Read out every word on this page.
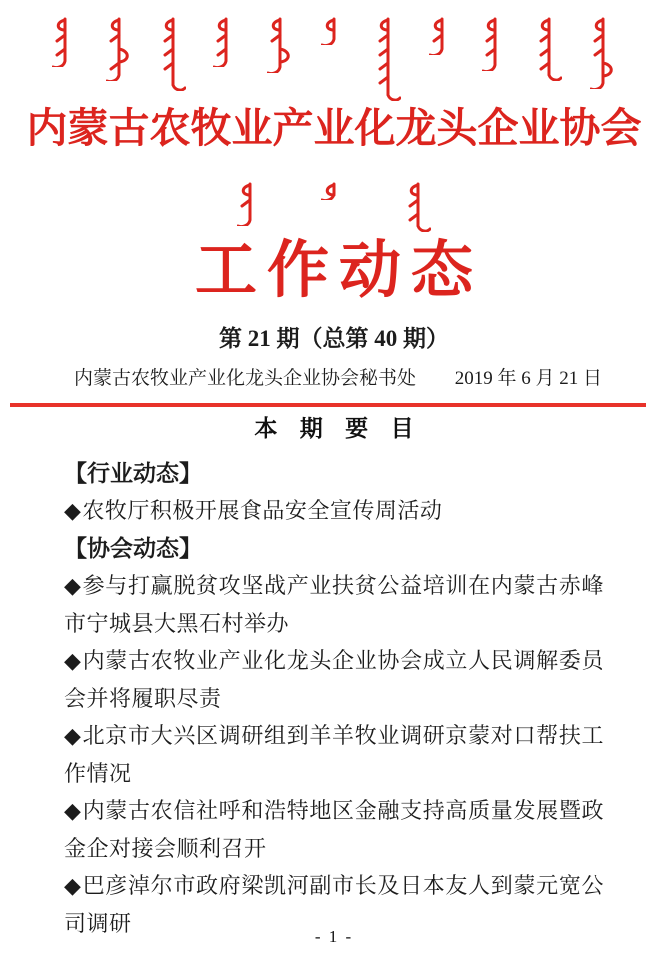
内蒙古农牧业产业化龙头企业协会
工作动态
第 21 期（总第 40 期）
内蒙古农牧业产业化龙头企业协会秘书处 2019 年 6 月 21 日
本 期 要 目
【行业动态】
◆农牧厅积极开展食品安全宣传周活动
【协会动态】
◆参与打赢脱贫攻坚战产业扶贫公益培训在内蒙古赤峰市宁城县大黑石村举办
◆内蒙古农牧业产业化龙头企业协会成立人民调解委员会并将履职尽责
◆北京市大兴区调研组到羊羊牧业调研京蒙对口帮扶工作情况
◆内蒙古农信社呼和浩特地区金融支持高质量发展暨政金企对接会顺利召开
◆巴彦淖尔市政府梁凯河副市长及日本友人到蒙元宽公司调研
- 1 -
